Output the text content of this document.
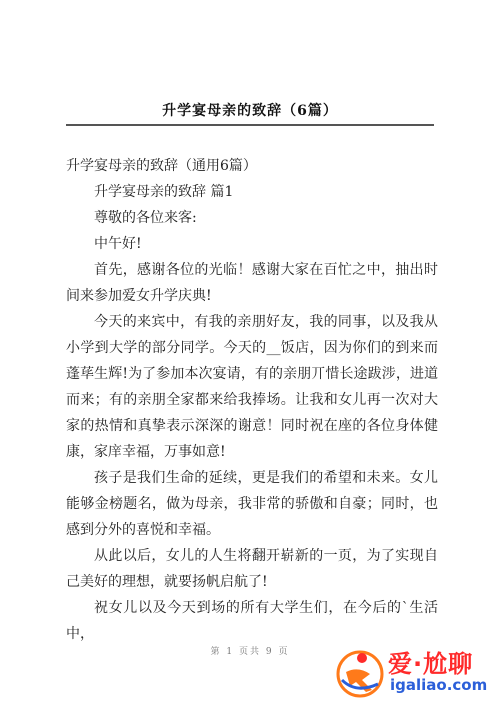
升学宴母亲的致辞（6篇）

升学宴母亲的致辞（通用6篇）

升学宴母亲的致辞 篇1

尊敬的各位来客:

中午好!

首先，感谢各位的光临！感谢大家在百忙之中，抽出时间来参加爱女升学庆典!

今天的来宾中，有我的亲朋好友，我的同事，以及我从小学到大学的部分同学。今天的__饭店，因为你们的到来而蓬荜生辉!为了参加本次宴请，有的亲朋丌惜长途跋涉，进道而来；有的亲朋全家都来给我捧场。让我和女儿再一次对大家的热情和真挚表示深深的谢意！同时祝在座的各位身体健康，家庠幸福，万事如意!

孩子是我们生命的延续，更是我们的希望和未来。女儿能够金榜题名，做为母亲，我非常的骄傲和自豪；同时，也感到分外的喜悦和幸福。

从此以后，女儿的人生将翻开崭新的一页，为了实现自己美好的理想，就要扬帆启航了!

祝女儿以及今天到场的所有大学生们，在今后的`生活中，

第 1 页共 9 页	爱·尬聊
igaliao.com
